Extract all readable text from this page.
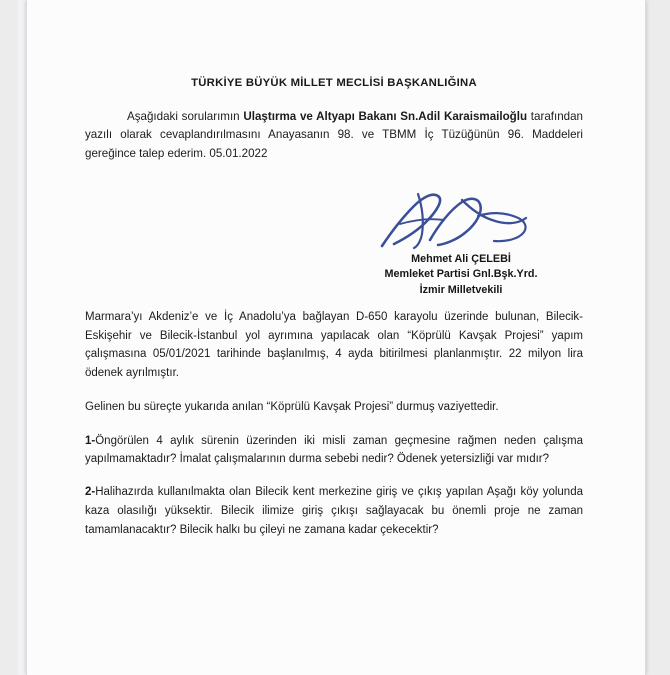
TÜRKİYE BÜYÜK MİLLET MECLİSİ BAŞKANLIĞINA

Aşağıdaki sorularımın Ulaştırma ve Altyapı Bakanı Sn.Adil Karaismailoğlu tarafından yazılı olarak cevaplandırılmasını Anayasanın 98. ve TBMM İç Tüzüğünün 96. Maddeleri gereğince talep ederim. 05.01.2022

Mehmet Ali ÇELEBİ

Memleket Partisi Gnl.Bşk.Yrd.

İzmir Milletvekili

Marmara’yı Akdeniz’e ve İç Anadolu’ya bağlayan D-650 karayolu üzerinde bulunan, Bilecik-Eskişehir ve Bilecik-İstanbul yol ayrımına yapılacak olan “Köprülü Kavşak Projesi” yapım çalışmasına 05/01/2021 tarihinde başlanılmış, 4 ayda bitirilmesi planlanmıştır. 22 milyon lira ödenek ayrılmıştır.

Gelinen bu süreçte yukarıda anılan “Köprülü Kavşak Projesi” durmuş vaziyettedir.

1-Öngörülen 4 aylık sürenin üzerinden iki misli zaman geçmesine rağmen neden çalışma yapılmamaktadır? İmalat çalışmalarının durma sebebi nedir? Ödenek yetersizliği var mıdır?

2-Halihazırda kullanılmakta olan Bilecik kent merkezine giriş ve çıkış yapılan Aşağı köy yolunda kaza olasılığı yüksektir. Bilecik ilimize giriş çıkışı sağlayacak bu önemli proje ne zaman tamamlanacaktır? Bilecik halkı bu çileyi ne zamana kadar çekecektir?
